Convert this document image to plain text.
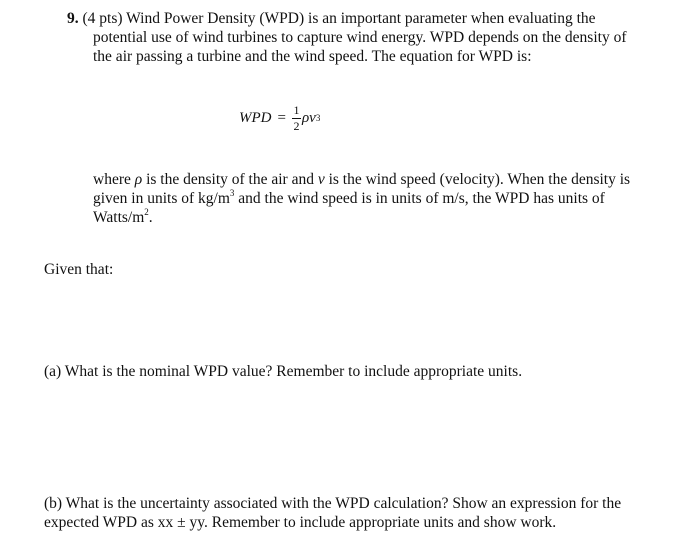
9. (4 pts) Wind Power Density (WPD) is an important parameter when evaluating the
potential use of wind turbines to capture wind energy. WPD depends on the density of
the air passing a turbine and the wind speed. The equation for WPD is:
WPD = $\frac{1}{2}$ ρ v 3
where ρ is the density of the air and v is the wind speed (velocity). When the density is
given in units of $kg/m^3$ and the wind speed is in units of m/s, the WPD has units of
Watts/$m^2$.
Given that:
(a) What is the nominal WPD value? Remember to include appropriate units.
(b) What is the uncertainty associated with the WPD calculation? Show an expression for the
expected WPD as xx ± yy. Remember to include appropriate units and show work.
